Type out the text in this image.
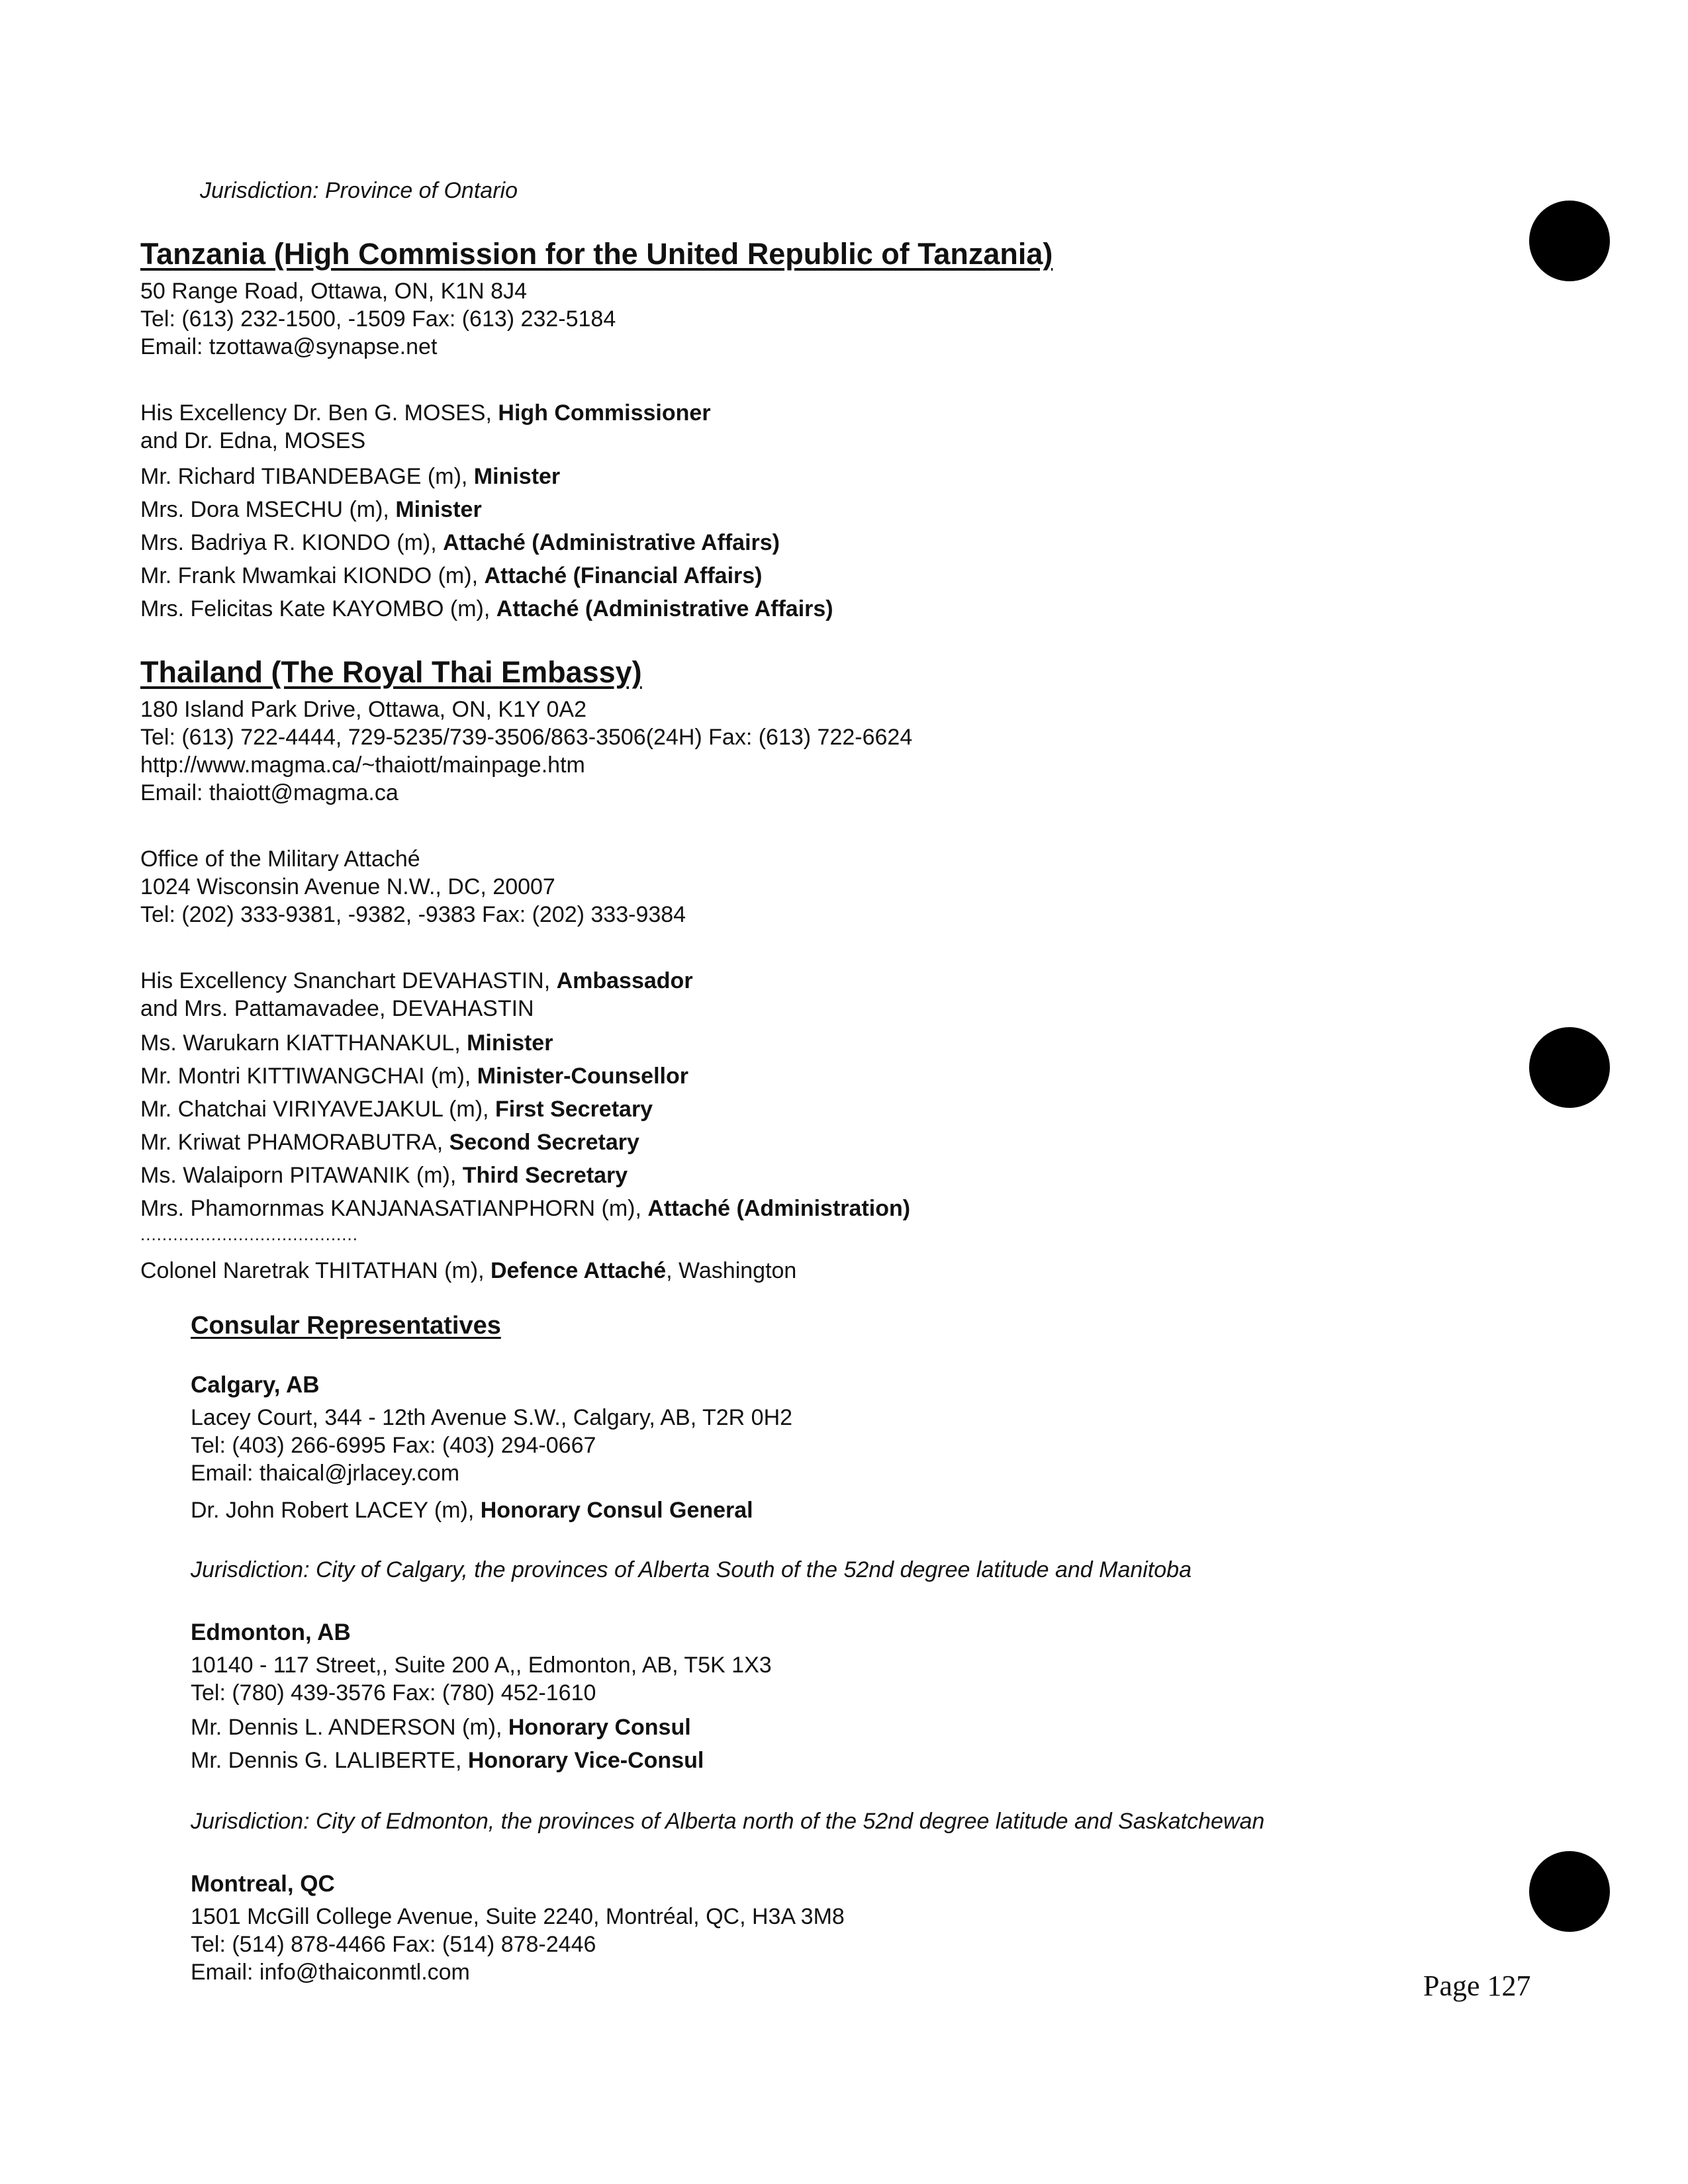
Jurisdiction: Province of Ontario
Tanzania (High Commission for the United Republic of Tanzania)
50 Range Road, Ottawa, ON, K1N 8J4
Tel: (613) 232-1500, -1509 Fax: (613) 232-5184
Email: tzottawa@synapse.net
His Excellency Dr. Ben G. MOSES, High Commissioner
and Dr. Edna, MOSES
Mr. Richard TIBANDEBAGE (m), Minister
Mrs. Dora MSECHU (m), Minister
Mrs. Badriya R. KIONDO (m), Attaché (Administrative Affairs)
Mr. Frank Mwamkai KIONDO (m), Attaché (Financial Affairs)
Mrs. Felicitas Kate KAYOMBO (m), Attaché (Administrative Affairs)
Thailand (The Royal Thai Embassy)
180 Island Park Drive, Ottawa, ON, K1Y 0A2
Tel: (613) 722-4444, 729-5235/739-3506/863-3506(24H) Fax: (613) 722-6624
http://www.magma.ca/~thaiott/mainpage.htm
Email: thaiott@magma.ca
Office of the Military Attaché
1024 Wisconsin Avenue N.W., DC, 20007
Tel: (202) 333-9381, -9382, -9383 Fax: (202) 333-9384
His Excellency Snanchart DEVAHASTIN, Ambassador
and Mrs. Pattamavadee, DEVAHASTIN
Ms. Warukarn KIATTHANAKUL, Minister
Mr. Montri KITTIWANGCHAI (m), Minister-Counsellor
Mr. Chatchai VIRIYAVEJAKUL (m), First Secretary
Mr. Kriwat PHAMORABUTRA, Second Secretary
Ms. Walaiporn PITAWANIK (m), Third Secretary
Mrs. Phamornmas KANJANASATIANPHORN (m), Attaché (Administration)
........................................
Colonel Naretrak THITATHAN (m), Defence Attaché, Washington
Consular Representatives
Calgary, AB
Lacey Court, 344 - 12th Avenue S.W., Calgary, AB, T2R 0H2
Tel: (403) 266-6995 Fax: (403) 294-0667
Email: thaical@jrlacey.com
Dr. John Robert LACEY (m), Honorary Consul General
Jurisdiction: City of Calgary, the provinces of Alberta South of the 52nd degree latitude and Manitoba
Edmonton, AB
10140 - 117 Street,, Suite 200 A,, Edmonton, AB, T5K 1X3
Tel: (780) 439-3576 Fax: (780) 452-1610
Mr. Dennis L. ANDERSON (m), Honorary Consul
Mr. Dennis G. LALIBERTE, Honorary Vice-Consul
Jurisdiction: City of Edmonton, the provinces of Alberta north of the 52nd degree latitude and Saskatchewan
Montreal, QC
1501 McGill College Avenue, Suite 2240, Montréal, QC, H3A 3M8
Tel: (514) 878-4466 Fax: (514) 878-2446
Email: info@thaiconmtl.com	Page 127
